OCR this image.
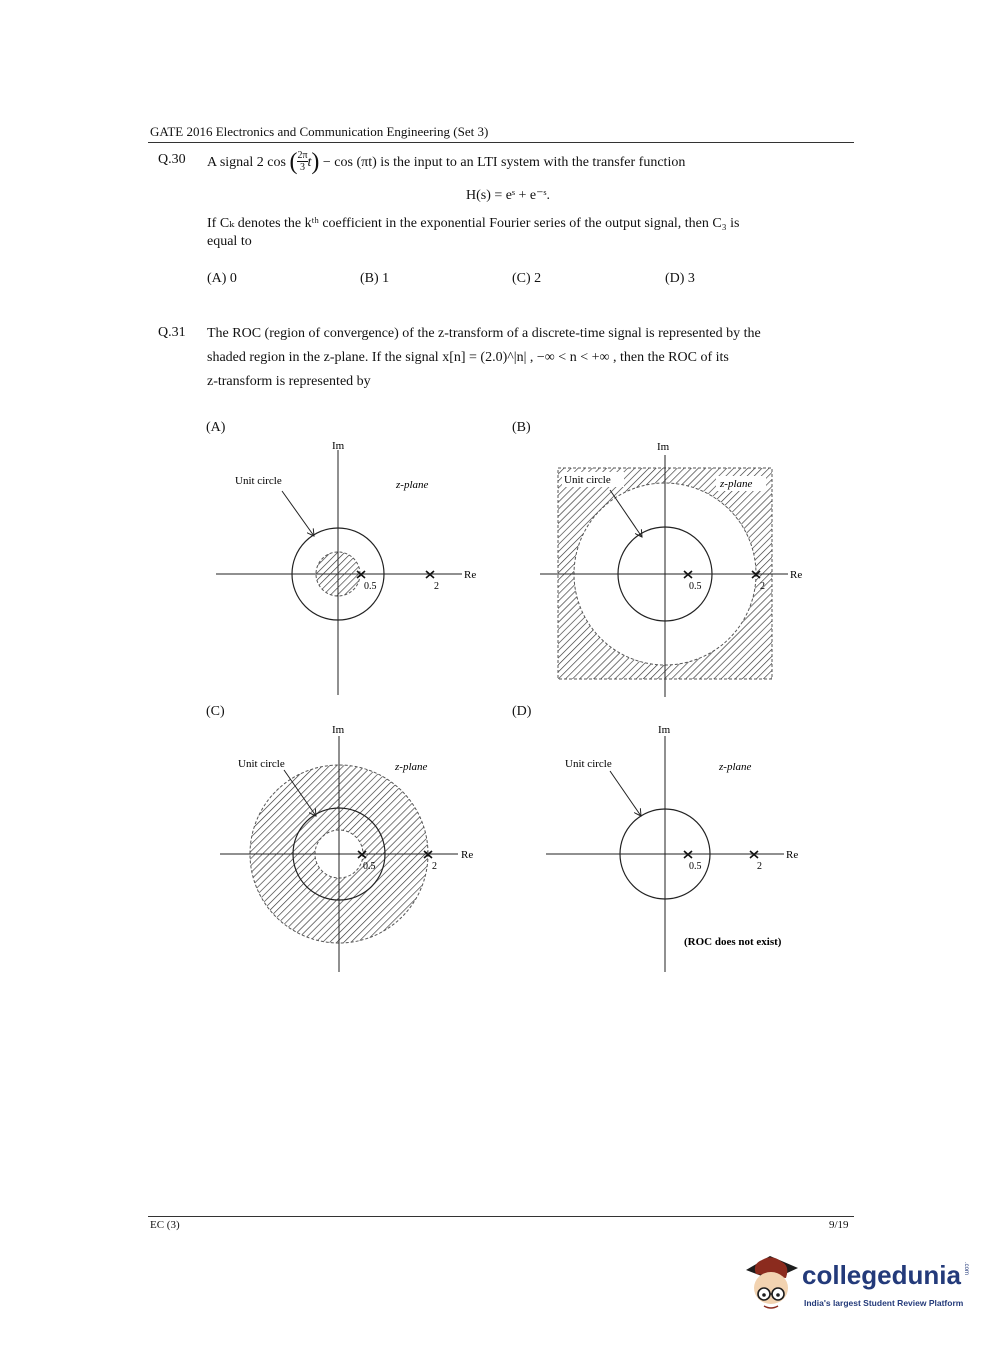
GATE 2016 Electronics and Communication Engineering (Set 3)
Q.30 A signal 2 cos ( $\frac{2\pi}{3} t) - \cos (\pi t)$ is the input to an LTI system with the transfer function
H(s) = eˢ + e⁻ˢ.
If Cₖ denotes the kᵗʰ coefficient in the exponential Fourier series of the output signal, then C₃ is
equal to
(A) 0	(B) 1	(C) 2	(D) 3
Q.31 The ROC (region of convergence) of the z-transform of a discrete-time signal is represented by the
shaded region in the z-plane. If the signal x[n] = (2.0)^|n| , −∞ < n < +∞ , then the ROC of its
z-transform is represented by
(A)
Im
Re
Unit circle	z-plane
0.5	2
(B)
Im
Re
Unit circle	z-plane
0.5	2
(C)
Im
Re
Unit circle	z-plane
0.5	2
(D)
Im
Re
Unit circle	z-plane
0.5	2
(ROC does not exist)
EC (3)	9/19
collegedunia .com
India's largest Student Review Platform
